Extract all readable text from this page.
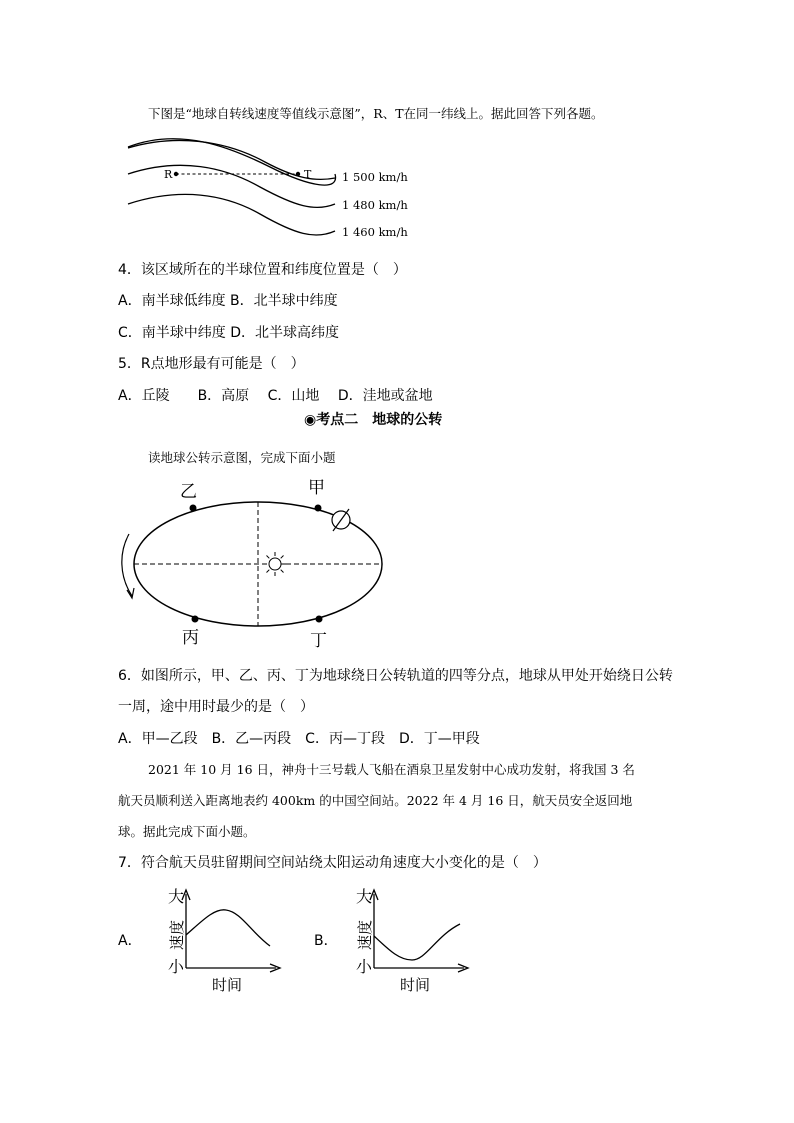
下图是“地球自转线速度等值线示意图”，R、T在同一纬线上。据此回答下列各题。
R	T	1 500 km/h
1 480 km/h
1 460 km/h
4．该区域所在的半球位置和纬度位置是（　）
A．南半球低纬度 B．北半球中纬度
C．南半球中纬度 D．北半球高纬度
5．R点地形最有可能是（　）
A．丘陵　　B．高原　 C．山地　 D．洼地或盆地
◉考点二　地球的公转
读地球公转示意图，完成下面小题
乙	甲
丙	丁
6．如图所示，甲、乙、丙、丁为地球绕日公转轨道的四等分点，地球从甲处开始绕日公转
一周，途中用时最少的是（　）
A．甲—乙段　B．乙—丙段　C．丙—丁段　D．丁—甲段
2021 年 10 月 16 日，神舟十三号载人飞船在酒泉卫星发射中心成功发射，将我国 3 名
航天员顺利送入距离地表约 400km 的中国空间站。2022 年 4 月 16 日，航天员安全返回地
球。据此完成下面小题。
7．符合航天员驻留期间空间站绕太阳运动角速度大小变化的是（　）
A．
大
小
速度
时间
B．
大
小
速度
时间
